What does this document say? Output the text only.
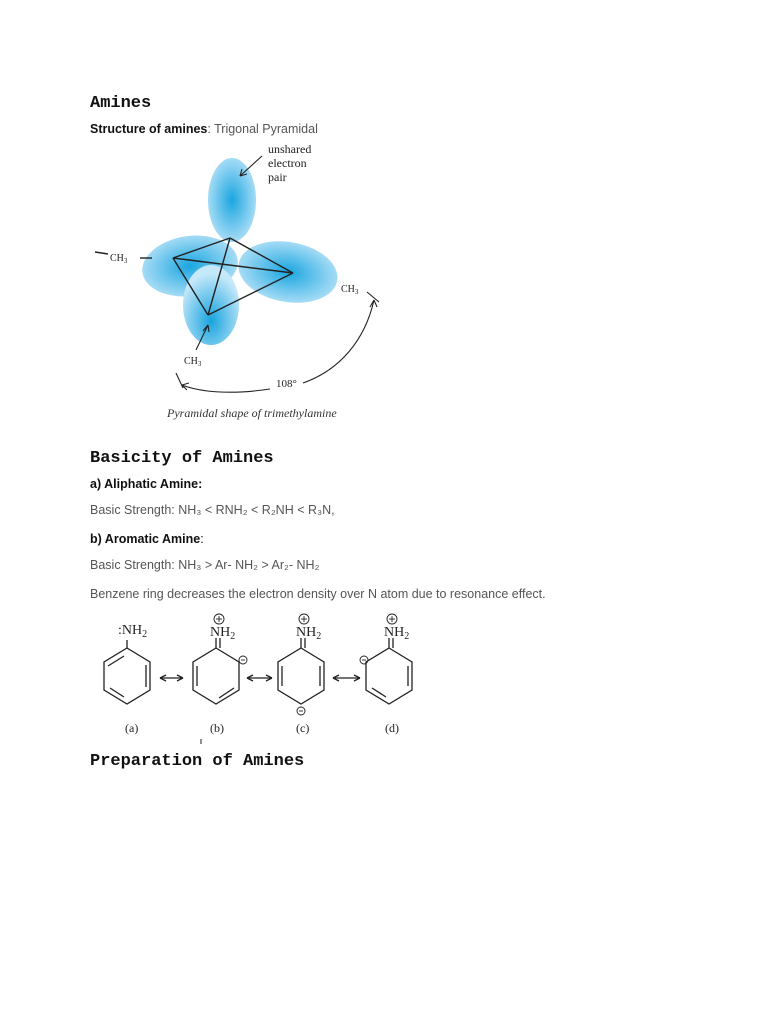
Amines

Structure of amines: Trigonal Pyramidal

unshared
electron
pair
$CH_3$
$CH_3$
$CH_3$
108°
Pyramidal shape of trimethylamine
Basicity of Amines

a) Aliphatic Amine:

Basic Strength: NH₃ < RNH₂ < R₂NH < R₃N,

b) Aromatic Amine:

Basic Strength: NH₃ > Ar- NH₂ > Ar₂- NH₂

Benzene ring decreases the electron density over N atom due to resonance effect.

$:NH_2$	$NH_2$	$NH_2$	$NH_2$
(a)	(b)	(c)	(d)
Preparation of Amines
